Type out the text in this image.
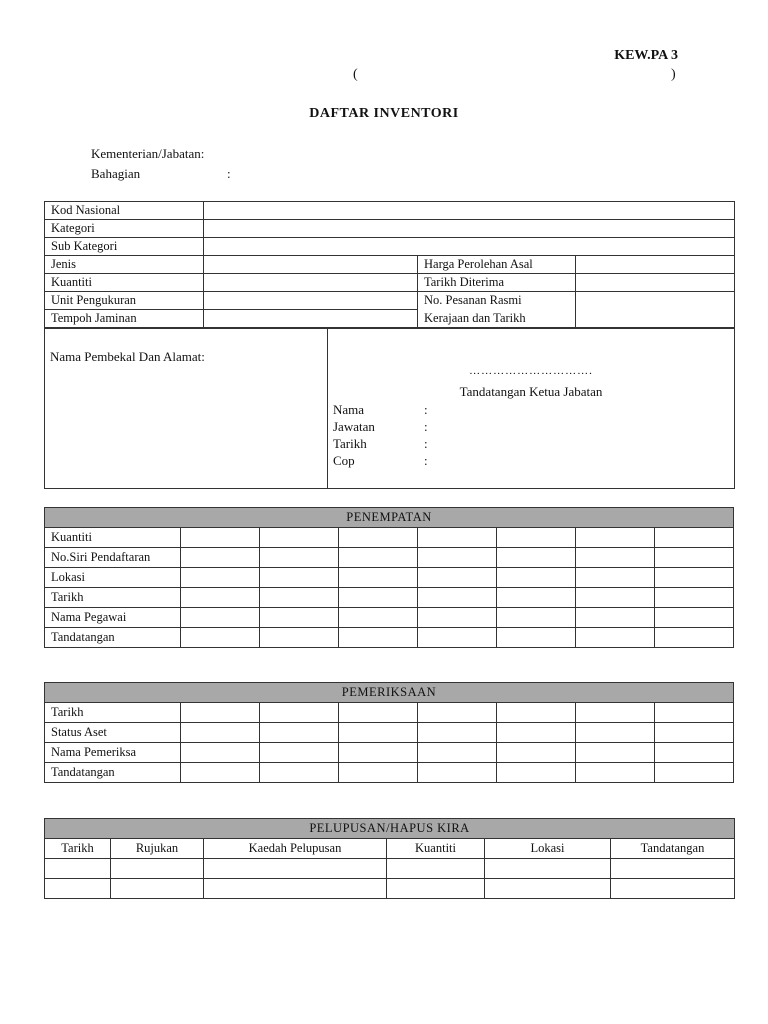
KEW.PA 3
(	)
DAFTAR INVENTORI
Kementerian/Jabatan:
Bahagian	:
Kod Nasional			
Kategori			
Sub Kategori			
Jenis		Harga Perolehan Asal	
Kuantiti		Tarikh Diterima	
Unit Pengukuran		No. Pesanan Rasmi	
Tempoh Jaminan		Kerajaan dan Tarikh	
Nama Pembekal Dan Alamat:
………………………….
Tandatangan Ketua Jabatan
Nama	:
Jawatan	:
Tarikh	:
Cop	:
PENEMPATAN							
Kuantiti							
No.Siri Pendaftaran							
Lokasi							
Tarikh							
Nama Pegawai							
Tandatangan							
PEMERIKSAAN							
Tarikh							
Status Aset							
Nama Pemeriksa							
Tandatangan							
PELUPUSAN/HAPUS KIRA					
Tarikh	Rujukan	Kaedah Pelupusan	Kuantiti	Lokasi	Tandatangan
